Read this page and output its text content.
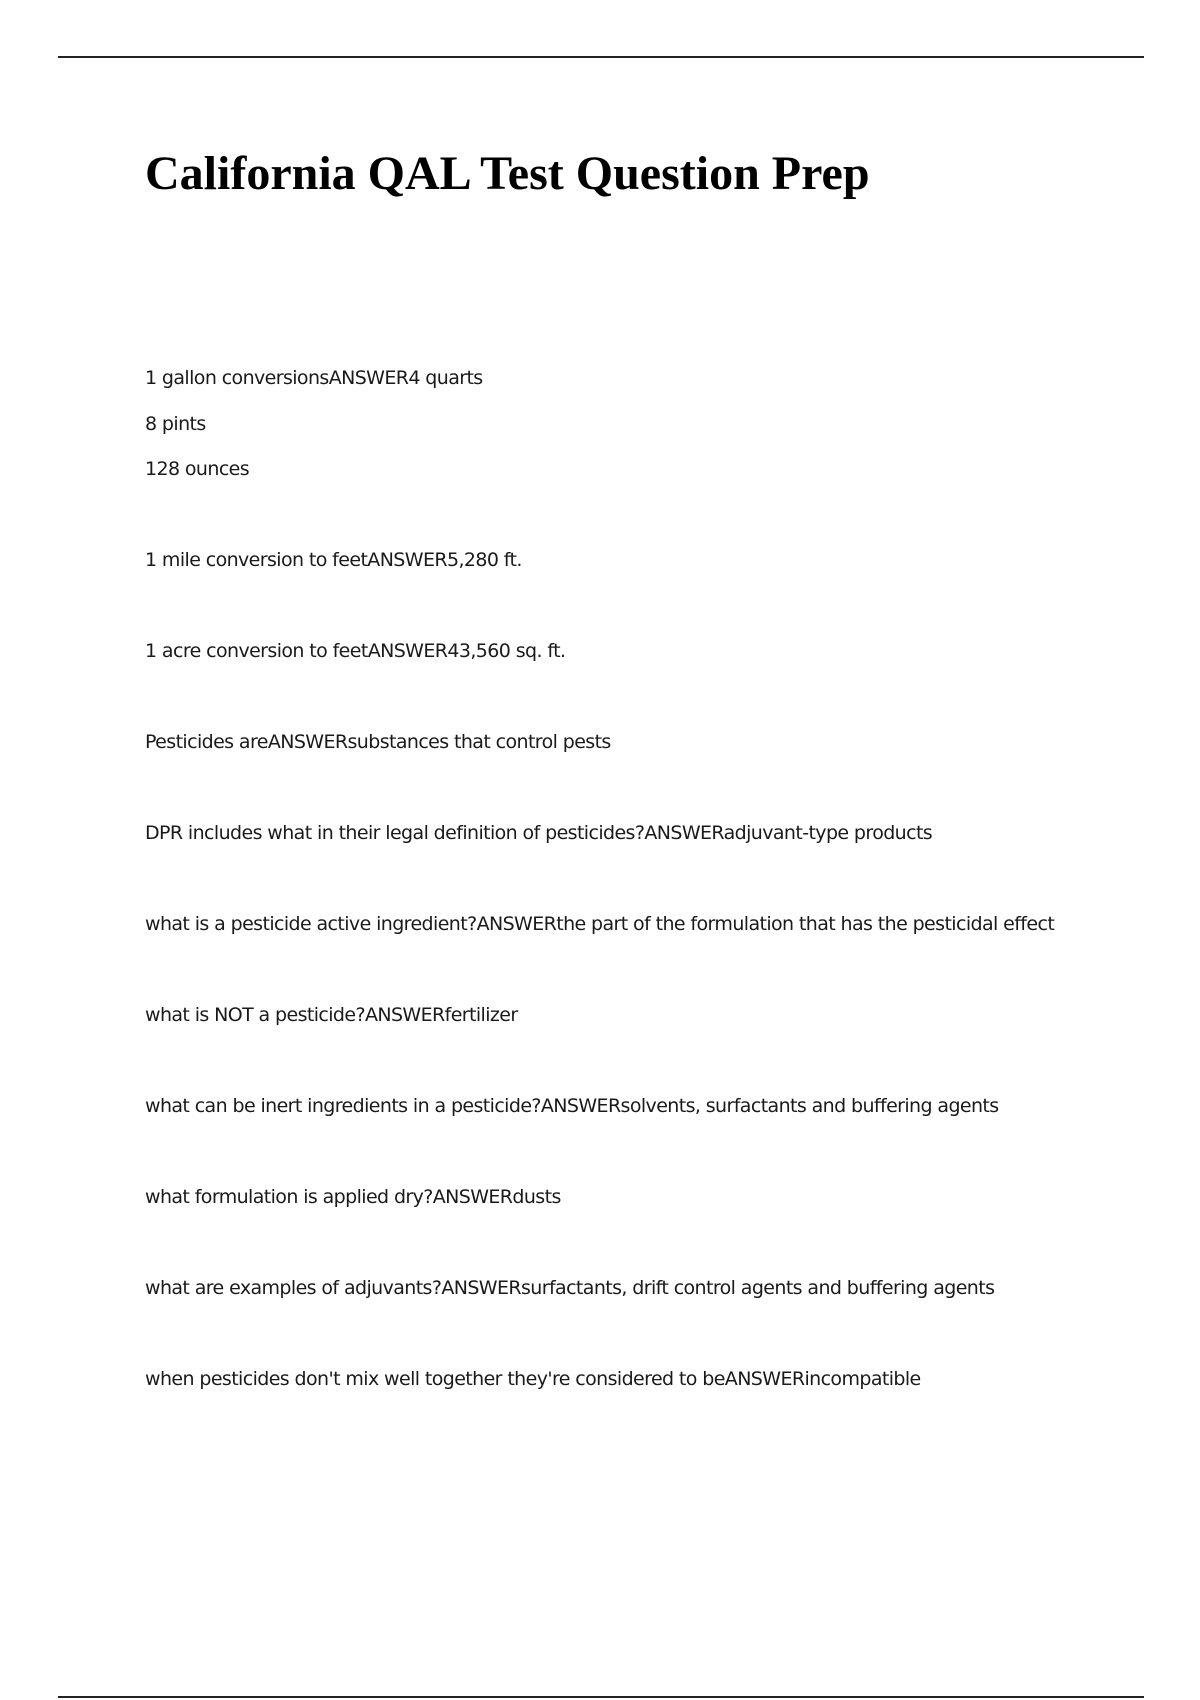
California QAL Test Question Prep

1 gallon conversionsANSWER4 quarts

8 pints

128 ounces

1 mile conversion to feetANSWER5,280 ft.

1 acre conversion to feetANSWER43,560 sq. ft.

Pesticides areANSWERsubstances that control pests

DPR includes what in their legal definition of pesticides?ANSWERadjuvant-type products

what is a pesticide active ingredient?ANSWERthe part of the formulation that has the pesticidal effect

what is NOT a pesticide?ANSWERfertilizer

what can be inert ingredients in a pesticide?ANSWERsolvents, surfactants and buffering agents

what formulation is applied dry?ANSWERdusts

what are examples of adjuvants?ANSWERsurfactants, drift control agents and buffering agents

when pesticides don't mix well together they're considered to beANSWERincompatible
